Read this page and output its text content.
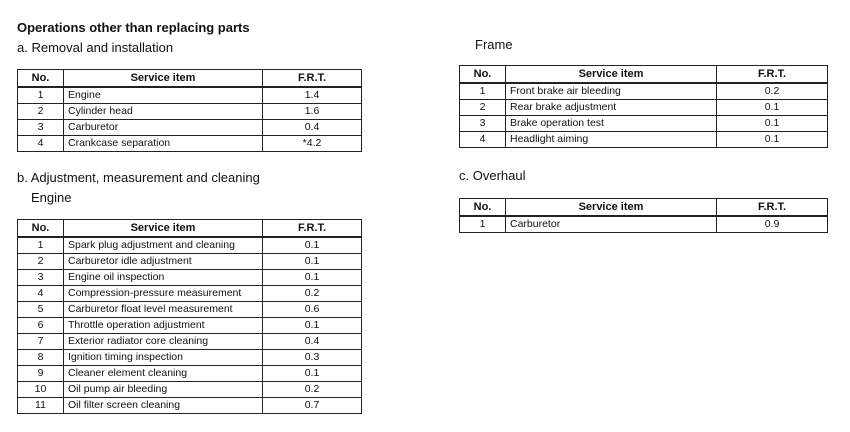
Operations other than replacing parts
a. Removal and installation
No.	Service item	F.R.T.
1	Engine	1.4
2	Cylinder head	1.6
3	Carburetor	0.4
4	Crankcase separation	*4.2
b. Adjustment, measurement and cleaning
Engine
No.	Service item	F.R.T.
1	Spark plug adjustment and cleaning	0.1
2	Carburetor idle adjustment	0.1
3	Engine oil inspection	0.1
4	Compression-pressure measurement	0.2
5	Carburetor float level measurement	0.6
6	Throttle operation adjustment	0.1
7	Exterior radiator core cleaning	0.4
8	Ignition timing inspection	0.3
9	Cleaner element cleaning	0.1
10	Oil pump air bleeding	0.2
11	Oil filter screen cleaning	0.7
Frame
No.	Service item	F.R.T.
1	Front brake air bleeding	0.2
2	Rear brake adjustment	0.1
3	Brake operation test	0.1
4	Headlight aiming	0.1
c. Overhaul
No.	Service item	F.R.T.
1	Carburetor	0.9
